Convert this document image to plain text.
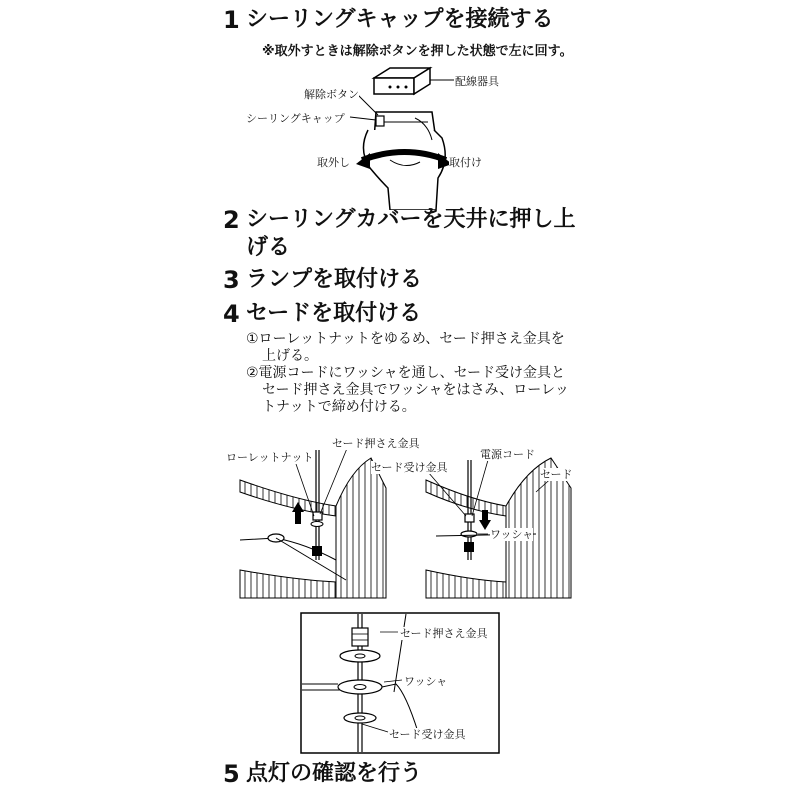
1 シーリングキャップを接続する
※取外すときは解除ボタンを押した状態で左に回す。
配線器具
解除ボタン
シーリングキャップ
取外し	取付け
2 シーリングカバーを天井に押し上
げる
3 ランプを取付ける
4 セードを取付ける
①ローレットナットをゆるめ、セード押さえ金具を
上げる。
②電源コードにワッシャを通し、セード受け金具と
セード押さえ金具でワッシャをはさみ、ローレッ
トナットで締め付ける。
ローレットナット
セード押さえ金具
セード受け金具
電源コード
セード
ワッシャ
セード押さえ金具
ワッシャ
セード受け金具
5 点灯の確認を行う
